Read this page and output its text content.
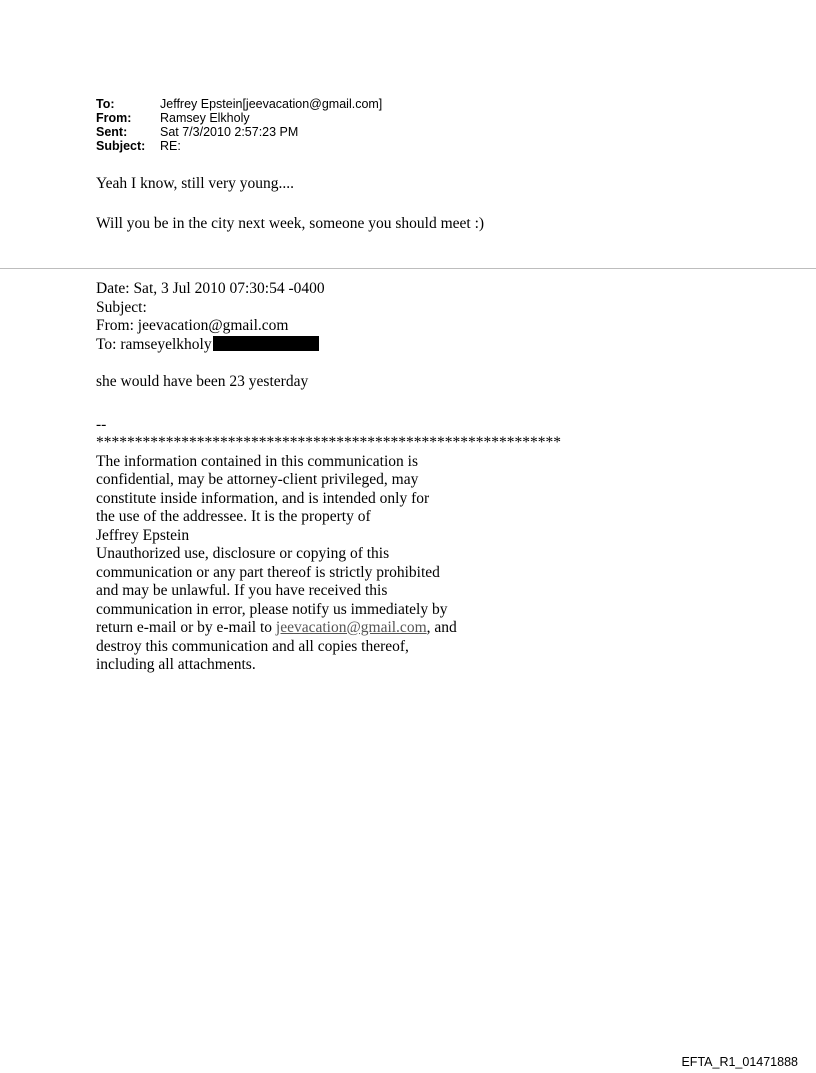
To:	Jeffrey Epstein[jeevacation@gmail.com]
From:	Ramsey Elkholy
Sent:	Sat 7/3/2010 2:57:23 PM
Subject:	RE:

Yeah I know, still very young....

Will you be in the city next week, someone you should meet :)

Date: Sat, 3 Jul 2010 07:30:54 -0400
Subject:
From: jeevacation@gmail.com
To: ramseyelkholy
she would have been 23 yesterday
--
************************************************************
The information contained in this communication is
confidential, may be attorney-client privileged, may
constitute inside information, and is intended only for
the use of the addressee. It is the property of
Jeffrey Epstein
Unauthorized use, disclosure or copying of this
communication or any part thereof is strictly prohibited
and may be unlawful. If you have received this
communication in error, please notify us immediately by
return e-mail or by e-mail to jeevacation@gmail.com, and
destroy this communication and all copies thereof,
including all attachments.
EFTA_R1_01471888
